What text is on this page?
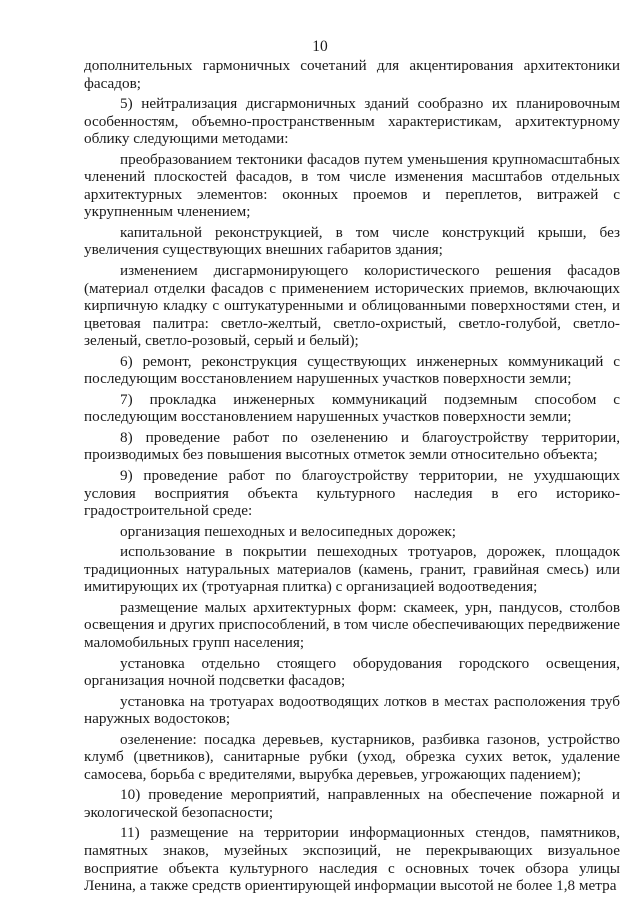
10

дополнительных гармоничных сочетаний для акцентирования архитектоники фасадов;

5) нейтрализация дисгармоничных зданий сообразно их планировочным особенностям, объемно-пространственным характеристикам, архитектурному облику следующими методами:

преобразованием тектоники фасадов путем уменьшения крупномасштабных членений плоскостей фасадов, в том числе изменения масштабов отдельных архитектурных элементов: оконных проемов и переплетов, витражей с укрупненным членением;

капитальной реконструкцией, в том числе конструкций крыши, без увеличения существующих внешних габаритов здания;

изменением дисгармонирующего колористического решения фасадов (материал отделки фасадов с применением исторических приемов, включающих кирпичную кладку с оштукатуренными и облицованными поверхностями стен, и цветовая палитра: светло-желтый, светло-охристый, светло-голубой, светло-зеленый, светло-розовый, серый и белый);

6) ремонт, реконструкция существующих инженерных коммуникаций с последующим восстановлением нарушенных участков поверхности земли;

7) прокладка инженерных коммуникаций подземным способом с последующим восстановлением нарушенных участков поверхности земли;

8) проведение работ по озеленению и благоустройству территории, производимых без повышения высотных отметок земли относительно объекта;

9) проведение работ по благоустройству территории, не ухудшающих условия восприятия объекта культурного наследия в его историко-градостроительной среде:

организация пешеходных и велосипедных дорожек;

использование в покрытии пешеходных тротуаров, дорожек, площадок традиционных натуральных материалов (камень, гранит, гравийная смесь) или имитирующих их (тротуарная плитка) с организацией водоотведения;

размещение малых архитектурных форм: скамеек, урн, пандусов, столбов освещения и других приспособлений, в том числе обеспечивающих передвижение маломобильных групп населения;

установка отдельно стоящего оборудования городского освещения, организация ночной подсветки фасадов;

установка на тротуарах водоотводящих лотков в местах расположения труб наружных водостоков;

озеленение: посадка деревьев, кустарников, разбивка газонов, устройство клумб (цветников), санитарные рубки (уход, обрезка сухих веток, удаление самосева, борьба с вредителями, вырубка деревьев, угрожающих падением);

10) проведение мероприятий, направленных на обеспечение пожарной и экологической безопасности;

11) размещение на территории информационных стендов, памятников, памятных знаков, музейных экспозиций, не перекрывающих визуальное восприятие объекта культурного наследия с основных точек обзора улицы Ленина, а также средств ориентирующей информации высотой не более 1,8 метра
